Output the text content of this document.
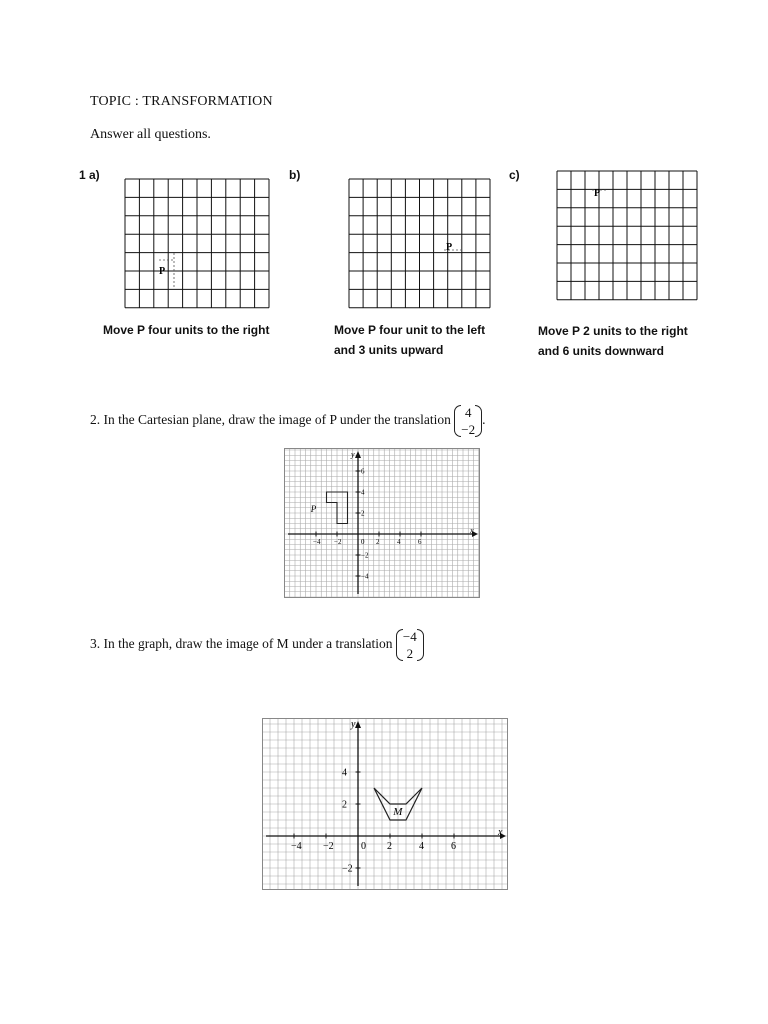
TOPIC : TRANSFORMATION
Answer all questions.
1 a)	b)	c)
P
P
P
Move P four units to the right	Move P four unit to the left
and 3 units upward
Move P 2 units to the right
and 6 units downward
2. In the Cartesian plane, draw the image of P under the translation 4
−2
.
−4 −2	0 2	4	6
6
4
2
−2
−4
P
x
y
3. In the graph, draw the image of M under a translation −4
2
−4 −2	0 2	4	6
4
2
−2
M
x
y
